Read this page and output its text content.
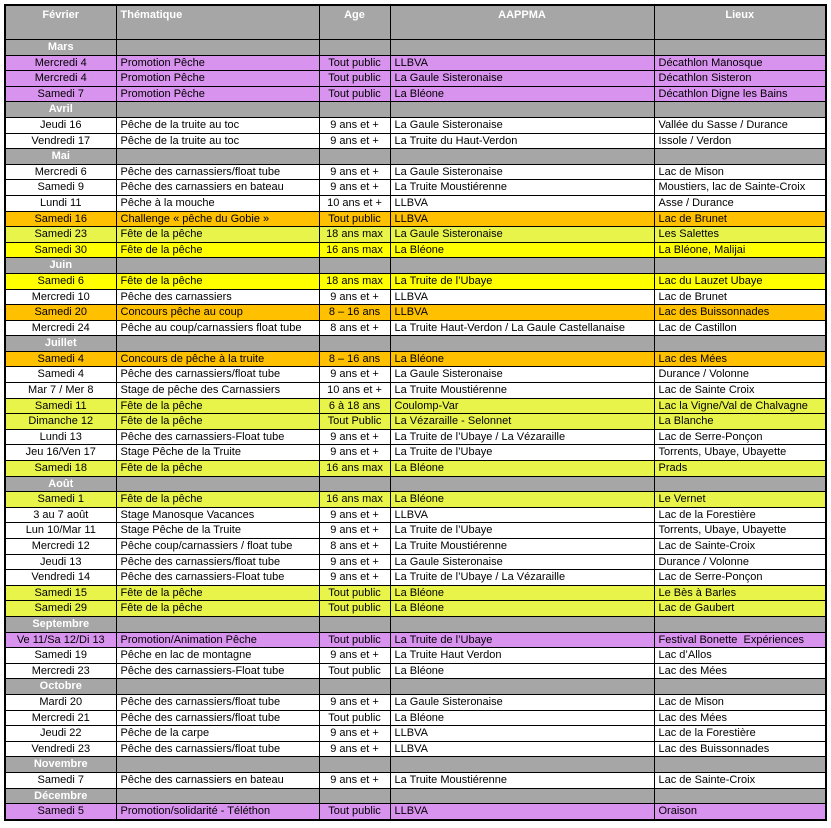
Février	Thématique	Age	AAPPMA	Lieux
Mars				
Mercredi 4	Promotion Pêche	Tout public	LLBVA	Décathlon Manosque
Mercredi 4	Promotion Pêche	Tout public	La Gaule Sisteronaise	Décathlon Sisteron
Samedi 7	Promotion Pêche	Tout public	La Bléone	Décathlon Digne les Bains
Avril				
Jeudi 16	Pêche de la truite au toc	9 ans et +	La Gaule Sisteronaise	Vallée du Sasse / Durance
Vendredi 17	Pêche de la truite au toc	9 ans et +	La Truite du Haut-Verdon	Issole / Verdon
Mai				
Mercredi 6	Pêche des carnassiers/float tube	9 ans et +	La Gaule Sisteronaise	Lac de Mison
Samedi 9	Pêche des carnassiers en bateau	9 ans et +	La Truite Moustiérenne	Moustiers, lac de Sainte-Croix
Lundi 11	Pêche à la mouche	10 ans et +	LLBVA	Asse / Durance
Samedi 16	Challenge « pêche du Gobie »	Tout public	LLBVA	Lac de Brunet
Samedi 23	Fête de la pêche	18 ans max	La Gaule Sisteronaise	Les Salettes
Samedi 30	Fête de la pêche	16 ans max	La Bléone	La Bléone, Malijai
Juin				
Samedi 6	Fête de la pêche	18 ans max	La Truite de l’Ubaye	Lac du Lauzet Ubaye
Mercredi 10	Pêche des carnassiers	9 ans et +	LLBVA	Lac de Brunet
Samedi 20	Concours pêche au coup	8 – 16 ans	LLBVA	Lac des Buissonnades
Mercredi 24	Pêche au coup/carnassiers float tube	8 ans et +	La Truite Haut-Verdon / La Gaule Castellanaise	Lac de Castillon
Juillet				
Samedi 4	Concours de pêche à la truite	8 – 16 ans	La Bléone	Lac des Mées
Samedi 4	Pêche des carnassiers/float tube	9 ans et +	La Gaule Sisteronaise	Durance / Volonne
Mar 7 / Mer 8	Stage de pêche des Carnassiers	10 ans et +	La Truite Moustiérenne	Lac de Sainte Croix
Samedi 11	Fête de la pêche	6 à 18 ans	Coulomp-Var	Lac la Vigne/Val de Chalvagne
Dimanche 12	Fête de la pêche	Tout Public	La Vézaraille - Selonnet	La Blanche
Lundi 13	Pêche des carnassiers-Float tube	9 ans et +	La Truite de l’Ubaye / La Vézaraille	Lac de Serre-Ponçon
Jeu 16/Ven 17	Stage Pêche de la Truite	9 ans et +	La Truite de l’Ubaye	Torrents, Ubaye, Ubayette
Samedi 18	Fête de la pêche	16 ans max	La Bléone	Prads
Août				
Samedi 1	Fête de la pêche	16 ans max	La Bléone	Le Vernet
3 au 7 août	Stage Manosque Vacances	9 ans et +	LLBVA	Lac de la Forestière
Lun 10/Mar 11	Stage Pêche de la Truite	9 ans et +	La Truite de l’Ubaye	Torrents, Ubaye, Ubayette
Mercredi 12	Pêche coup/carnassiers / float tube	8 ans et +	La Truite Moustiérenne	Lac de Sainte-Croix
Jeudi 13	Pêche des carnassiers/float tube	9 ans et +	La Gaule Sisteronaise	Durance / Volonne
Vendredi 14	Pêche des carnassiers-Float tube	9 ans et +	La Truite de l’Ubaye / La Vézaraille	Lac de Serre-Ponçon
Samedi 15	Fête de la pêche	Tout public	La Bléone	Le Bès à Barles
Samedi 29	Fête de la pêche	Tout public	La Bléone	Lac de Gaubert
Septembre				
Ve 11/Sa 12/Di 13	Promotion/Animation Pêche	Tout public	La Truite de l’Ubaye	Festival Bonette  Expériences
Samedi 19	Pêche en lac de montagne	9 ans et +	La Truite Haut Verdon	Lac d’Allos
Mercredi 23	Pêche des carnassiers-Float tube	Tout public	La Bléone	Lac des Mées
Octobre				
Mardi 20	Pêche des carnassiers/float tube	9 ans et +	La Gaule Sisteronaise	Lac de Mison
Mercredi 21	Pêche des carnassiers/float tube	Tout public	La Bléone	Lac des Mées
Jeudi 22	Pêche de la carpe	9 ans et +	LLBVA	Lac de la Forestière
Vendredi 23	Pêche des carnassiers/float tube	9 ans et +	LLBVA	Lac des Buissonnades
Novembre				
Samedi 7	Pêche des carnassiers en bateau	9 ans et +	La Truite Moustiérenne	Lac de Sainte-Croix
Décembre				
Samedi 5	Promotion/solidarité - Téléthon	Tout public	LLBVA	Oraison
